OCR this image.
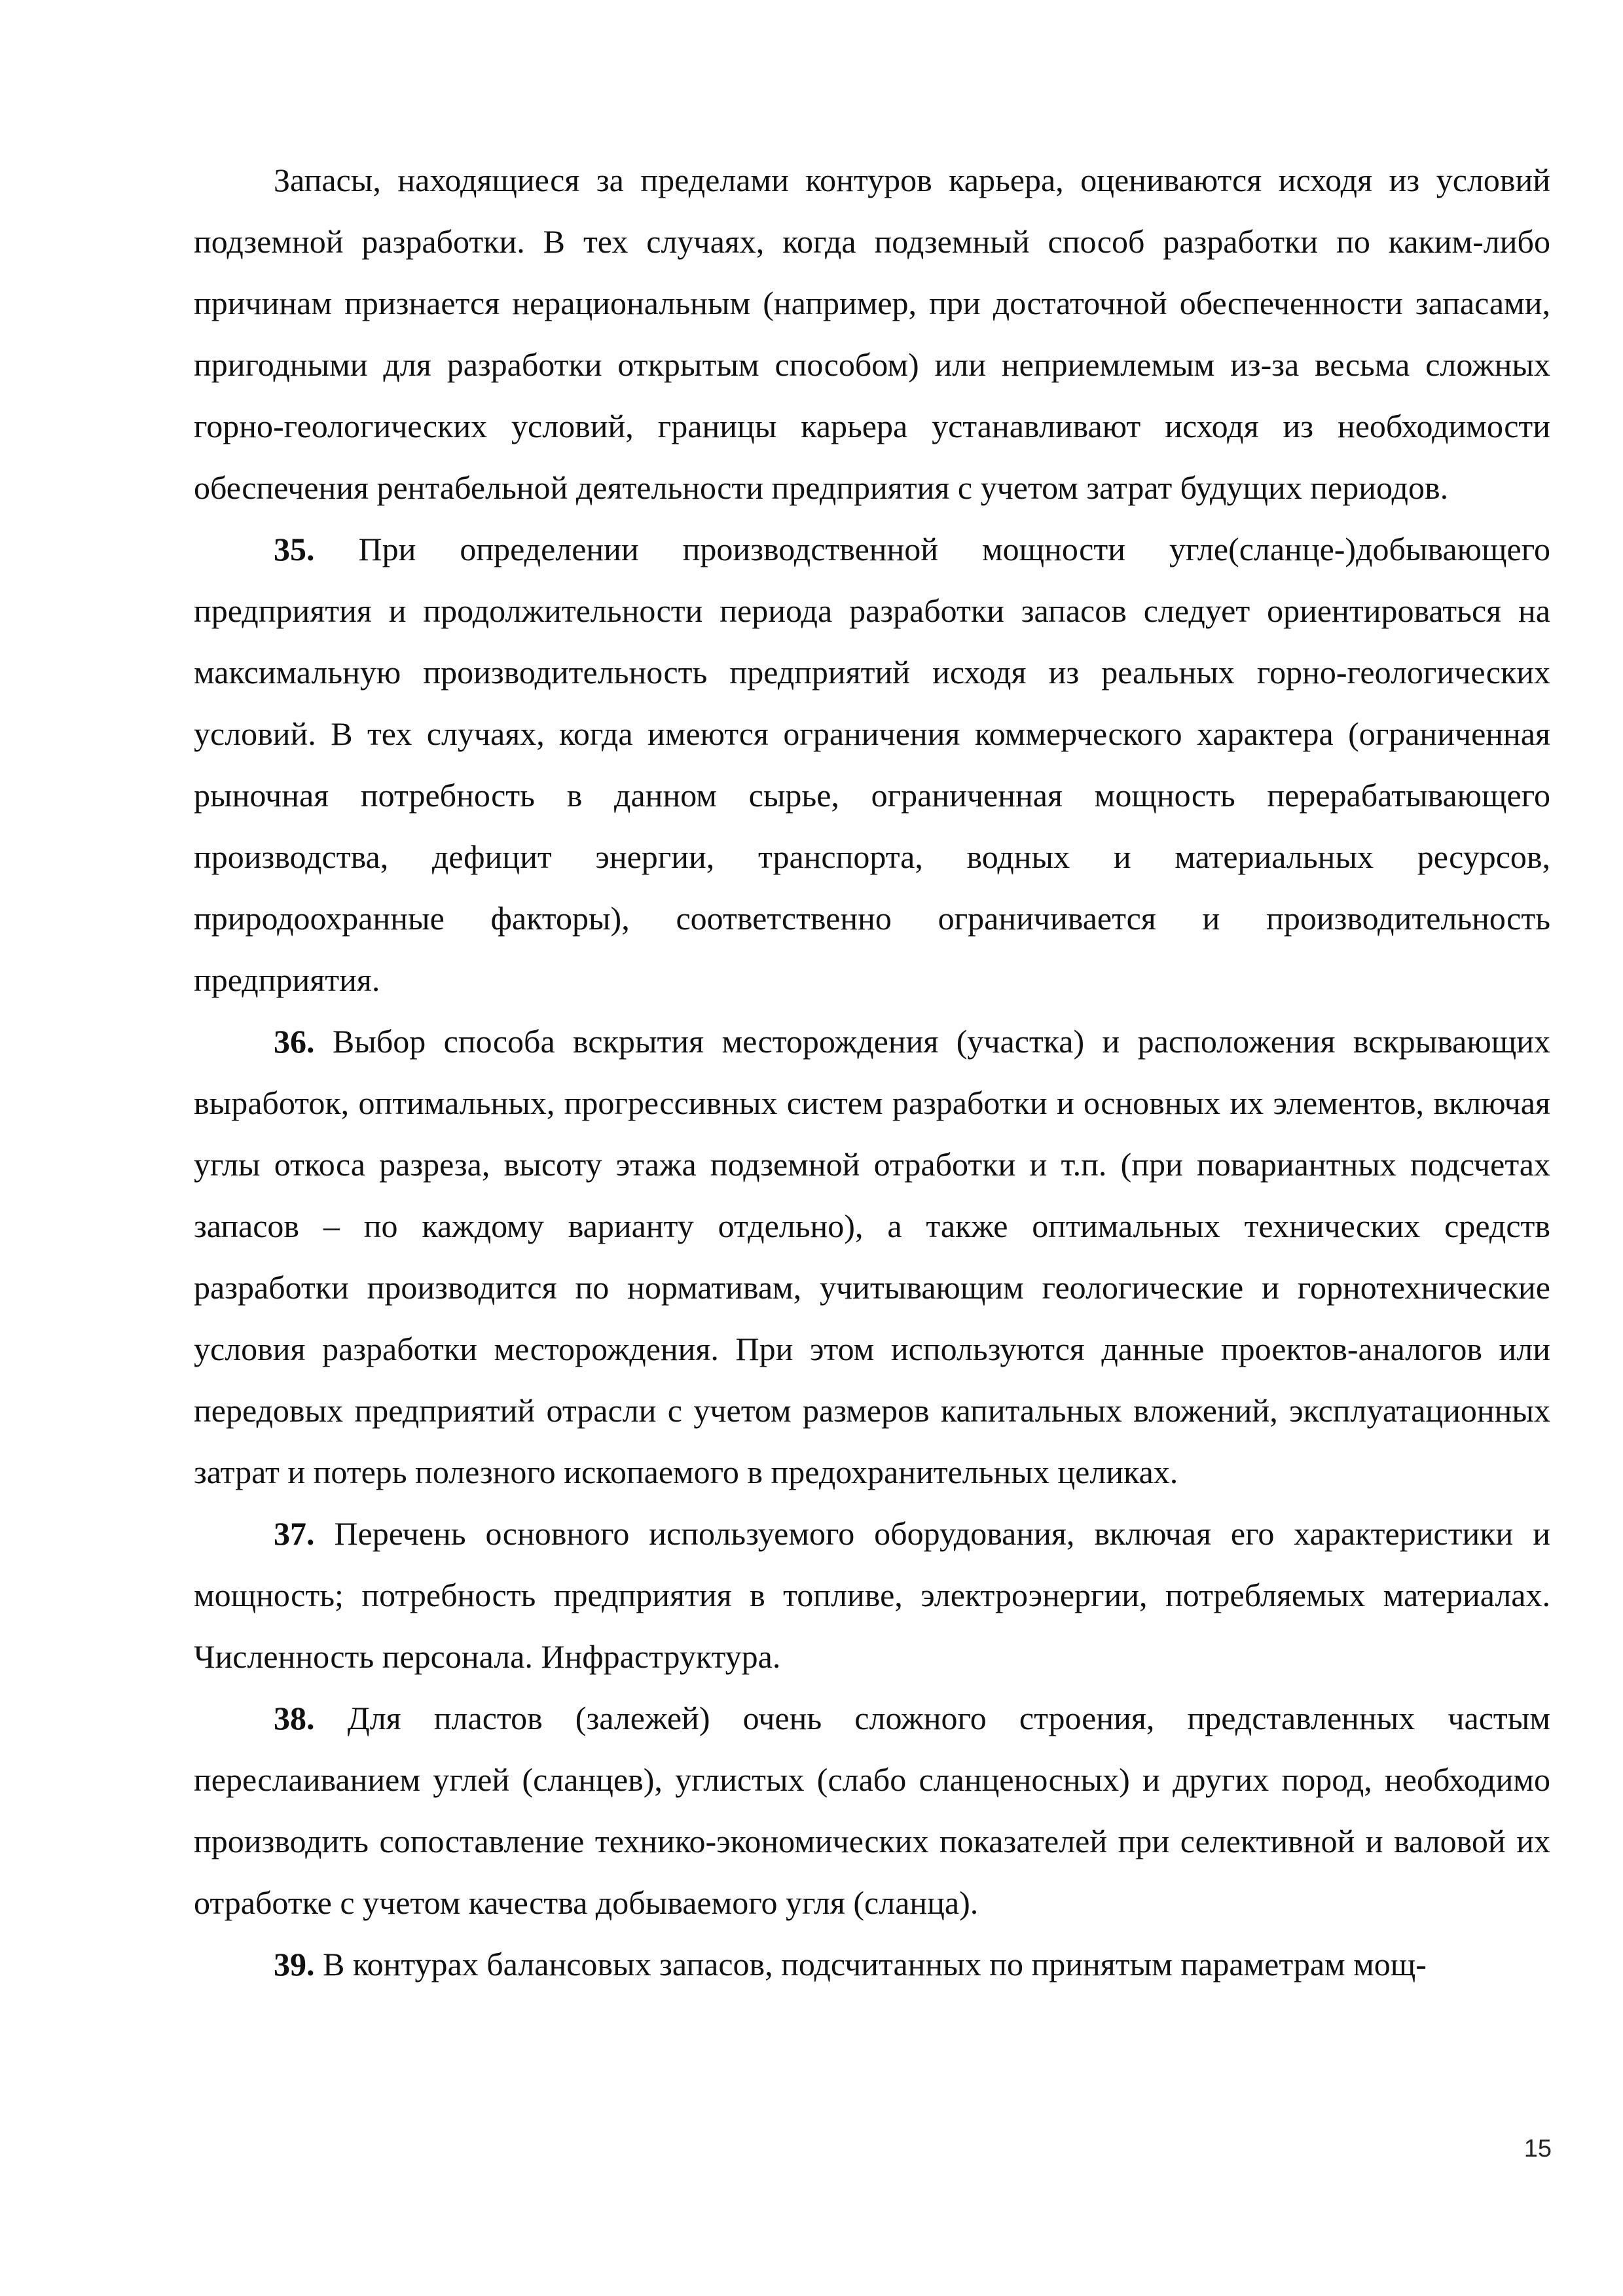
Запасы, находящиеся за пределами контуров карьера, оцениваются исходя из условий подземной разработки. В тех случаях, когда подземный способ разработки по каким-либо причинам признается нерациональным (например, при достаточной обеспеченности запасами, пригодными для разработки открытым способом) или неприемлемым из-за весьма сложных горно-геологических условий, границы карьера устанавливают исходя из необходимости обеспечения рентабельной деятельности предприятия с учетом затрат будущих периодов.

35. При определении производственной мощности угле(сланце-)добывающего предприятия и продолжительности периода разработки запасов следует ориентироваться на максимальную производительность предприятий исходя из реальных горно-геологических условий. В тех случаях, когда имеются ограничения коммерческого характера (ограниченная рыночная потребность в данном сырье, ограниченная мощность перерабатывающего производства, дефицит энергии, транспорта, водных и материальных ресурсов, природоохранные факторы), соответственно ограничивается и производительность предприятия.

36. Выбор способа вскрытия месторождения (участка) и расположения вскрывающих выработок, оптимальных, прогрессивных систем разработки и основных их элементов, включая углы откоса разреза, высоту этажа подземной отработки и т.п. (при повариантных подсчетах запасов – по каждому варианту отдельно), а также оптимальных технических средств разработки производится по нормативам, учитывающим геологические и горнотехнические условия разработки месторождения. При этом используются данные проектов-аналогов или передовых предприятий отрасли с учетом размеров капитальных вложений, эксплуатационных затрат и потерь полезного ископаемого в предохранительных целиках.

37. Перечень основного используемого оборудования, включая его характеристики и мощность; потребность предприятия в топливе, электроэнергии, потребляемых материалах. Численность персонала. Инфраструктура.

38. Для пластов (залежей) очень сложного строения, представленных частым переслаиванием углей (сланцев), углистых (слабо сланценосных) и других пород, необходимо производить сопоставление технико-экономических показателей при селективной и валовой их отработке с учетом качества добываемого угля (сланца).

39. В контурах балансовых запасов, подсчитанных по принятым параметрам мощ-

15
